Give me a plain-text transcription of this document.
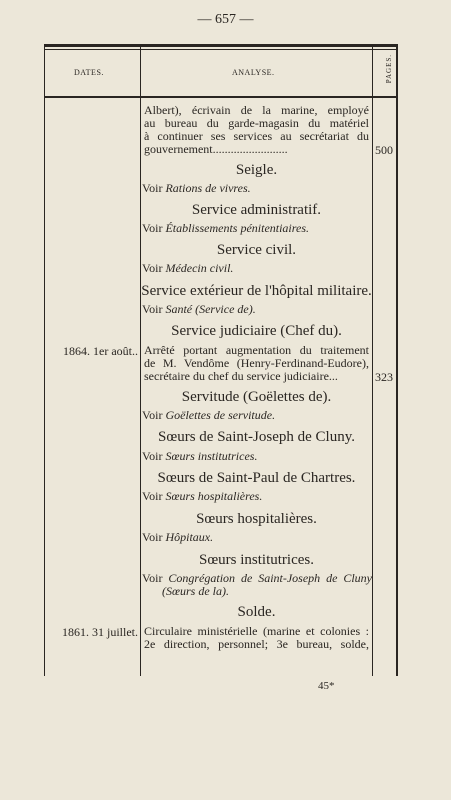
— 657 —
DATES.	ANALYSE.	PAGES.
Albert), écrivain de la marine, employé
au bureau du garde-magasin du matériel
à continuer ses services au secrétariat du
gouvernement.........................	500
Seigle.
Voir Rations de vivres.
Service administratif.
Voir Établissements pénitentiaires.
Service civil.
Voir Médecin civil.
Service extérieur de l'hôpital militaire.
Voir Santé (Service de).
Service judiciaire (Chef du).
1864. 1er août.. Arrêté portant augmentation du traitement
de M. Vendôme (Henry-Ferdinand-Eudore),
secrétaire du chef du service judiciaire...	323
Servitude (Goëlettes de).
Voir Goëlettes de servitude.
Sœurs de Saint-Joseph de Cluny.
Voir Sœurs institutrices.
Sœurs de Saint-Paul de Chartres.
Voir Sœurs hospitalières.
Sœurs hospitalières.
Voir Hôpitaux.
Sœurs institutrices.
Voir Congrégation de Saint-Joseph de Cluny
(Sœurs de la).
Solde.
1861. 31 juillet. Circulaire ministérielle (marine et colonies :
2e direction, personnel; 3e bureau, solde,
45*
